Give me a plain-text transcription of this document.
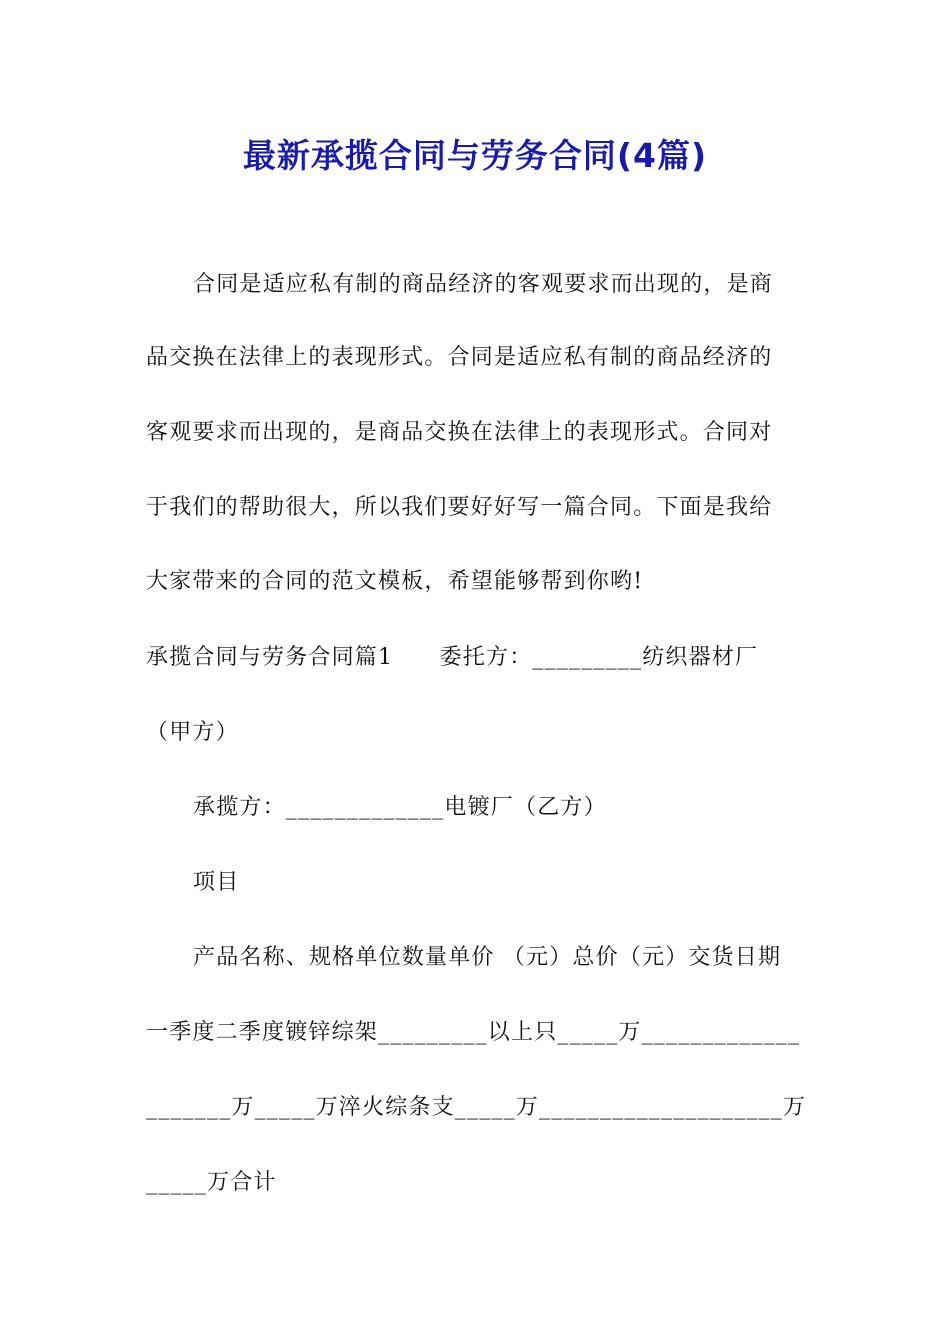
最新承揽合同与劳务合同(4篇)

合同是适应私有制的商品经济的客观要求而出现的，是商

品交换在法律上的表现形式。合同是适应私有制的商品经济的

客观要求而出现的，是商品交换在法律上的表现形式。合同对

于我们的帮助很大，所以我们要好好写一篇合同。下面是我给

大家带来的合同的范文模板，希望能够帮到你哟!

承揽合同与劳务合同篇1　　委托方：_________纺织器材厂

（甲方）

承揽方：_____________电镀厂（乙方）

项目

产品名称、规格单位数量单价 （元）总价（元）交货日期

一季度二季度镀锌综架_________以上只_____万_____________

_______万_____万淬火综条支_____万____________________万

_____万合计
